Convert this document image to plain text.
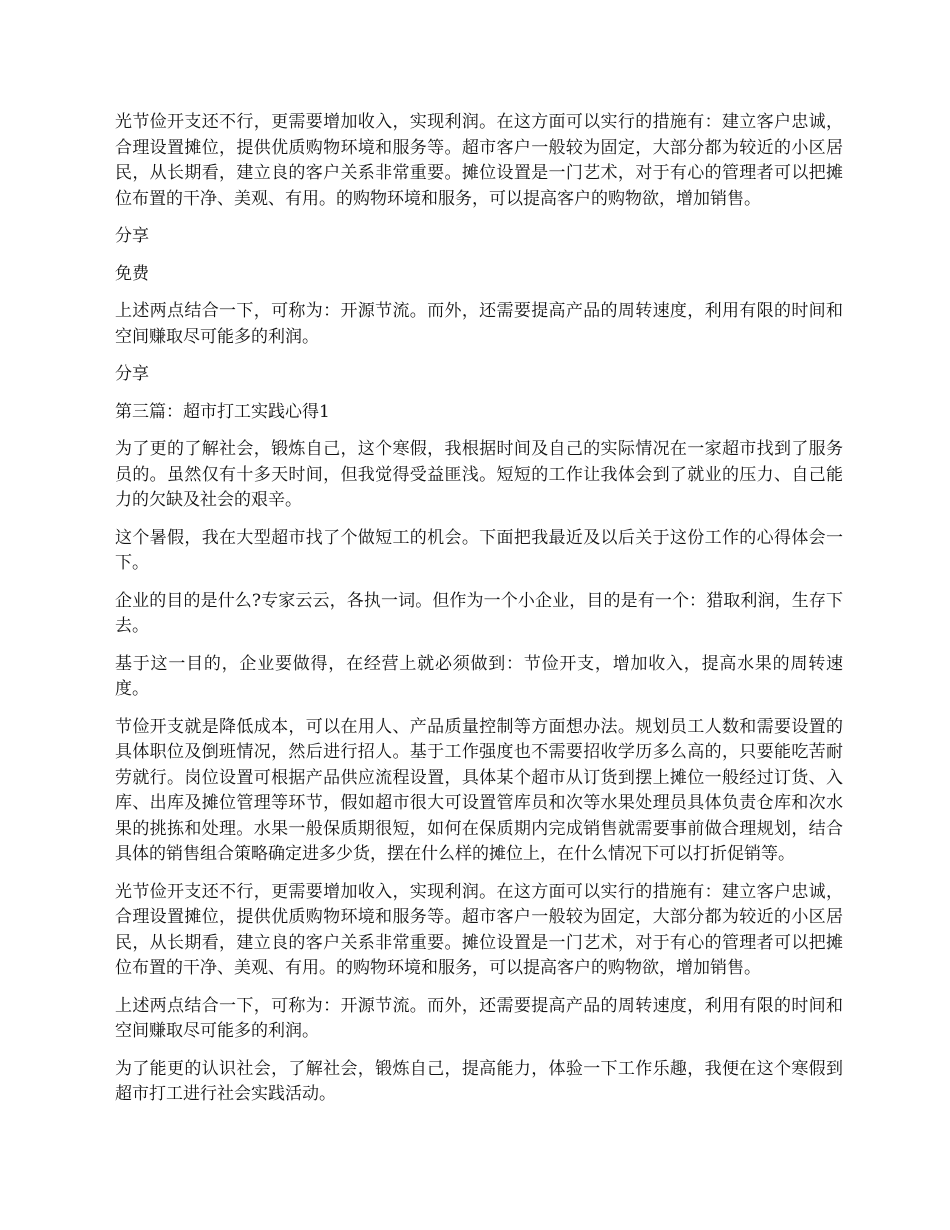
光节俭开支还不行，更需要增加收入，实现利润。在这方面可以实行的措施有：建立客户忠诚，合理设置摊位，提供优质购物环境和服务等。超市客户一般较为固定，大部分都为较近的小区居民，从长期看，建立良的客户关系非常重要。摊位设置是一门艺术，对于有心的管理者可以把摊位布置的干净、美观、有用。的购物环境和服务，可以提高客户的购物欲，增加销售。

分享

免费

上述两点结合一下，可称为：开源节流。而外，还需要提高产品的周转速度，利用有限的时间和空间赚取尽可能多的利润。

分享

第三篇：超市打工实践心得1

为了更的了解社会，锻炼自己，这个寒假，我根据时间及自己的实际情况在一家超市找到了服务员的。虽然仅有十多天时间，但我觉得受益匪浅。短短的工作让我体会到了就业的压力、自己能力的欠缺及社会的艰辛。

这个暑假，我在大型超市找了个做短工的机会。下面把我最近及以后关于这份工作的心得体会一下。

企业的目的是什么?专家云云，各执一词。但作为一个小企业，目的是有一个：猎取利润，生存下去。

基于这一目的，企业要做得，在经营上就必须做到：节俭开支，增加收入，提高水果的周转速度。

节俭开支就是降低成本，可以在用人、产品质量控制等方面想办法。规划员工人数和需要设置的具体职位及倒班情况，然后进行招人。基于工作强度也不需要招收学历多么高的，只要能吃苦耐劳就行。岗位设置可根据产品供应流程设置，具体某个超市从订货到摆上摊位一般经过订货、入库、出库及摊位管理等环节，假如超市很大可设置管库员和次等水果处理员具体负责仓库和次水果的挑拣和处理。水果一般保质期很短，如何在保质期内完成销售就需要事前做合理规划，结合具体的销售组合策略确定进多少货，摆在什么样的摊位上，在什么情况下可以打折促销等。

光节俭开支还不行，更需要增加收入，实现利润。在这方面可以实行的措施有：建立客户忠诚，合理设置摊位，提供优质购物环境和服务等。超市客户一般较为固定，大部分都为较近的小区居民，从长期看，建立良的客户关系非常重要。摊位设置是一门艺术，对于有心的管理者可以把摊位布置的干净、美观、有用。的购物环境和服务，可以提高客户的购物欲，增加销售。

上述两点结合一下，可称为：开源节流。而外，还需要提高产品的周转速度，利用有限的时间和空间赚取尽可能多的利润。

为了能更的认识社会，了解社会，锻炼自己，提高能力，体验一下工作乐趣，我便在这个寒假到超市打工进行社会实践活动。
